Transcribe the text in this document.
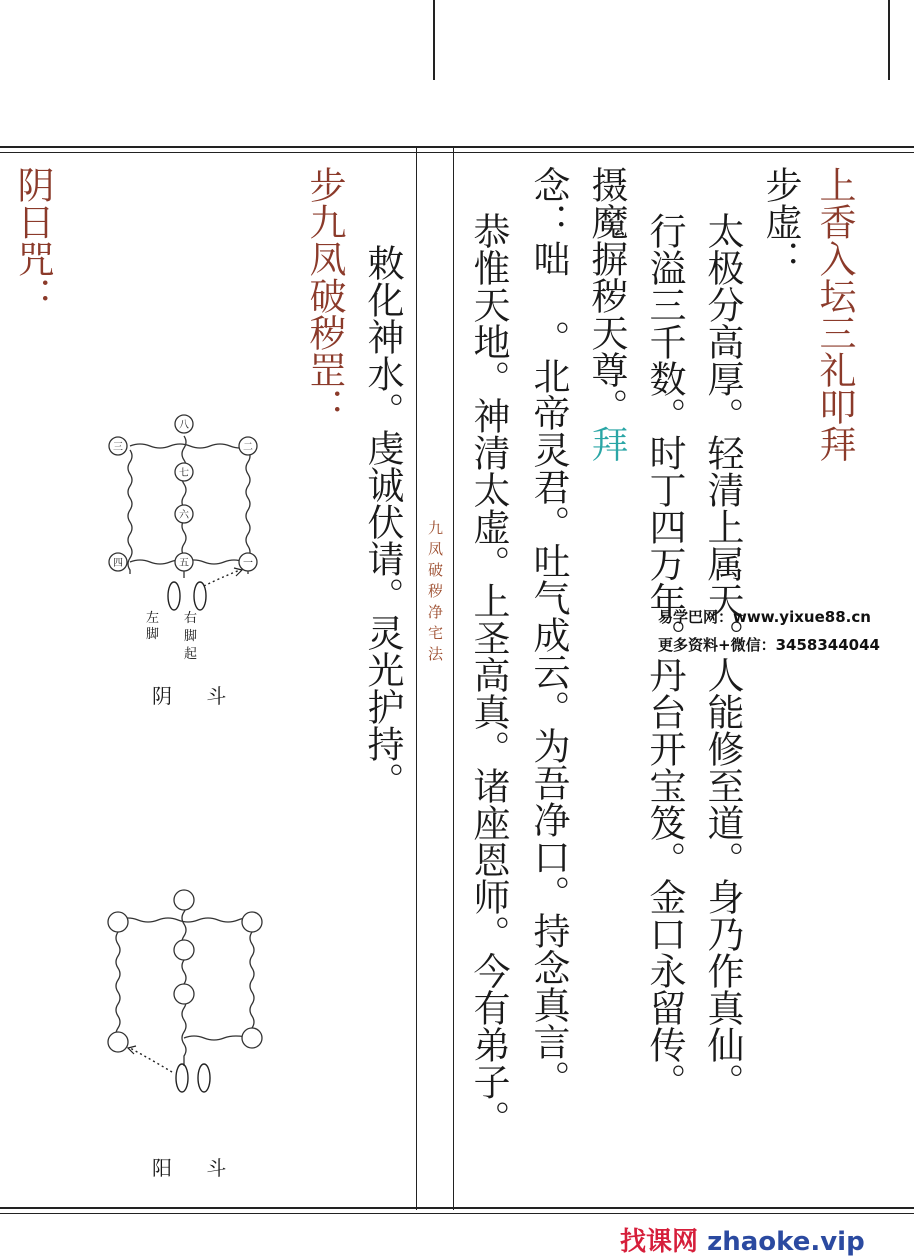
上香入坛三礼叩拜
步虚：
太极分高厚。轻清上属天。人能修至道。身乃作真仙。
行溢三千数。时丁四万年。丹台开宝笈。金口永留传。
摄魔摒秽天尊。拜
念：咄 。北帝灵君。吐气成云。为吾净口。持念真言。
恭惟天地。神清太虚。上圣高真。诸座恩师。今有弟子。
九凤破秽净宅法
敕化神水。虔诚伏请。灵光护持。
步九凤破秽罡：
阴日咒：
八
三	二
七
六
四	五	一
左
脚
右
脚
起
阴 斗
阳 斗
易学巴网：www.yixue88.cn
更多资料+微信：3458344044
找课网 zhaoke.vip
